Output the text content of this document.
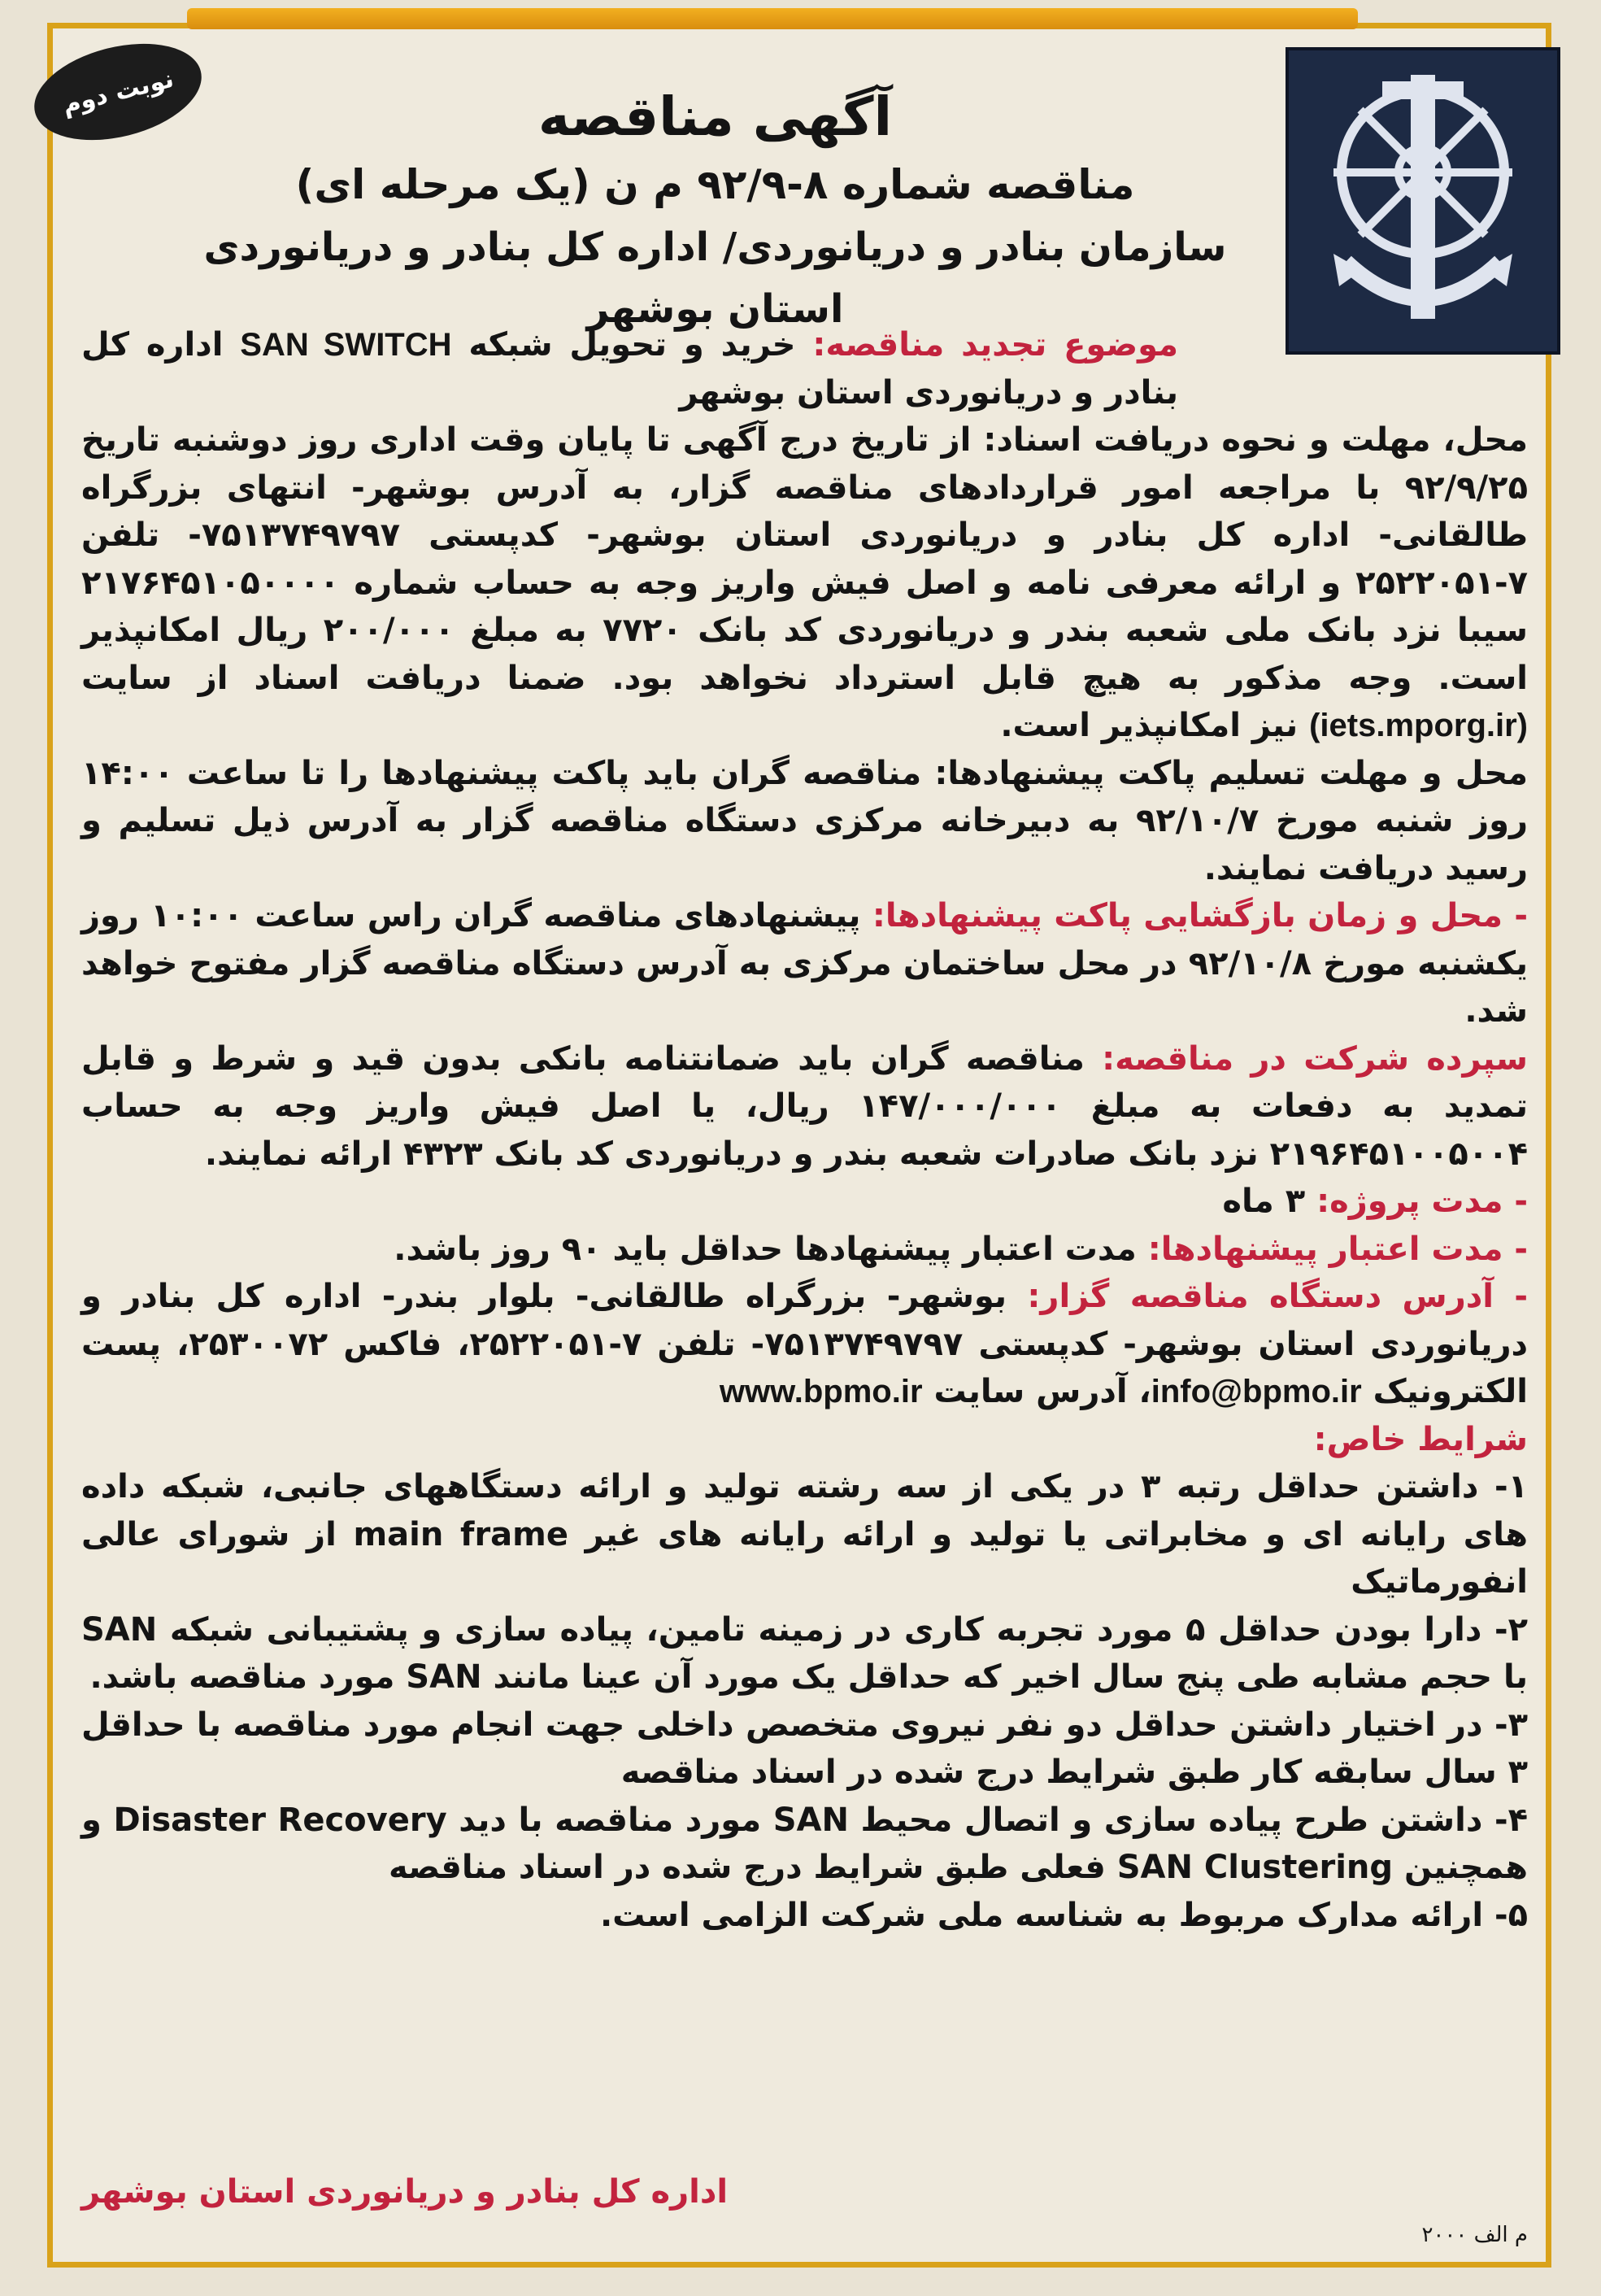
نوبت دوم	آگهی مناقصه
مناقصه شماره ۸-۹۲/۹ م ن (یک مرحله ای)
سازمان بنادر و دریانوردی/ اداره کل بنادر و دریانوردی استان بوشهر

موضوع تجدید مناقصه: خرید و تحویل شبکه SAN SWITCH اداره کل بنادر و دریانوردی استان بوشهر

محل، مهلت و نحوه دریافت اسناد: از تاریخ درج آگهی تا پایان وقت اداری روز دوشنبه تاریخ ۹۲/۹/۲۵ با مراجعه امور قراردادهای مناقصه گزار، به آدرس بوشهر- انتهای بزرگراه طالقانی- اداره کل بنادر و دریانوردی استان بوشهر- کدپستی ۷۵۱۳۷۴۹۷۹۷- تلفن ۷-۲۵۲۲۰۵۱ و ارائه معرفی نامه و اصل فیش واریز وجه به حساب شماره ۲۱۷۶۴۵۱۰۵۰۰۰۰ سیبا نزد بانک ملی شعبه بندر و دریانوردی کد بانک ۷۷۲۰ به مبلغ ۲۰۰/۰۰۰ ریال امکانپذیر است. وجه مذکور به هیچ قابل استرداد نخواهد بود. ضمنا دریافت اسناد از سایت (iets.mporg.ir) نیز امکانپذیر است.

محل و مهلت تسلیم پاکت پیشنهادها: مناقصه گران باید پاکت پیشنهادها را تا ساعت ۱۴:۰۰ روز شنبه مورخ ۹۲/۱۰/۷ به دبیرخانه مرکزی دستگاه مناقصه گزار به آدرس ذیل تسلیم و رسید دریافت نمایند.

- محل و زمان بازگشایی پاکت پیشنهادها: پیشنهادهای مناقصه گران راس ساعت ۱۰:۰۰ روز یکشنبه مورخ ۹۲/۱۰/۸ در محل ساختمان مرکزی به آدرس دستگاه مناقصه گزار مفتوح خواهد شد.

سپرده شرکت در مناقصه: مناقصه گران باید ضمانتنامه بانکی بدون قید و شرط و قابل تمدید به دفعات به مبلغ ۱۴۷/۰۰۰/۰۰۰ ریال، یا اصل فیش واریز وجه به حساب ۲۱۹۶۴۵۱۰۰۵۰۰۴ نزد بانک صادرات شعبه بندر و دریانوردی کد بانک ۴۳۲۳ ارائه نمایند.

- مدت پروژه: ۳ ماه

- مدت اعتبار پیشنهادها: مدت اعتبار پیشنهادها حداقل باید ۹۰ روز باشد.

- آدرس دستگاه مناقصه گزار: بوشهر- بزرگراه طالقانی- بلوار بندر- اداره کل بنادر و دریانوردی استان بوشهر- کدپستی ۷۵۱۳۷۴۹۷۹۷- تلفن ۷-۲۵۲۲۰۵۱، فاکس ۲۵۳۰۰۷۲، پست الکترونیک info@bpmo.ir، آدرس سایت www.bpmo.ir

شرایط خاص:

۱- داشتن حداقل رتبه ۳ در یکی از سه رشته تولید و ارائه دستگاههای جانبی، شبکه داده های رایانه ای و مخابراتی یا تولید و ارائه رایانه های غیر main frame از شورای عالی انفورماتیک

۲- دارا بودن حداقل ۵ مورد تجربه کاری در زمینه تامین، پیاده سازی و پشتیبانی شبکه SAN با حجم مشابه طی پنج سال اخیر که حداقل یک مورد آن عینا مانند SAN مورد مناقصه باشد.

۳- در اختیار داشتن حداقل دو نفر نیروی متخصص داخلی جهت انجام مورد مناقصه با حداقل ۳ سال سابقه کار طبق شرایط درج شده در اسناد مناقصه

۴- داشتن طرح پیاده سازی و اتصال محیط SAN مورد مناقصه با دید Disaster Recovery و همچنین SAN Clustering فعلی طبق شرایط درج شده در اسناد مناقصه

۵- ارائه مدارک مربوط به شناسه ملی شرکت الزامی است.

اداره کل بنادر و دریانوردی استان بوشهر
م الف ۲۰۰۰
